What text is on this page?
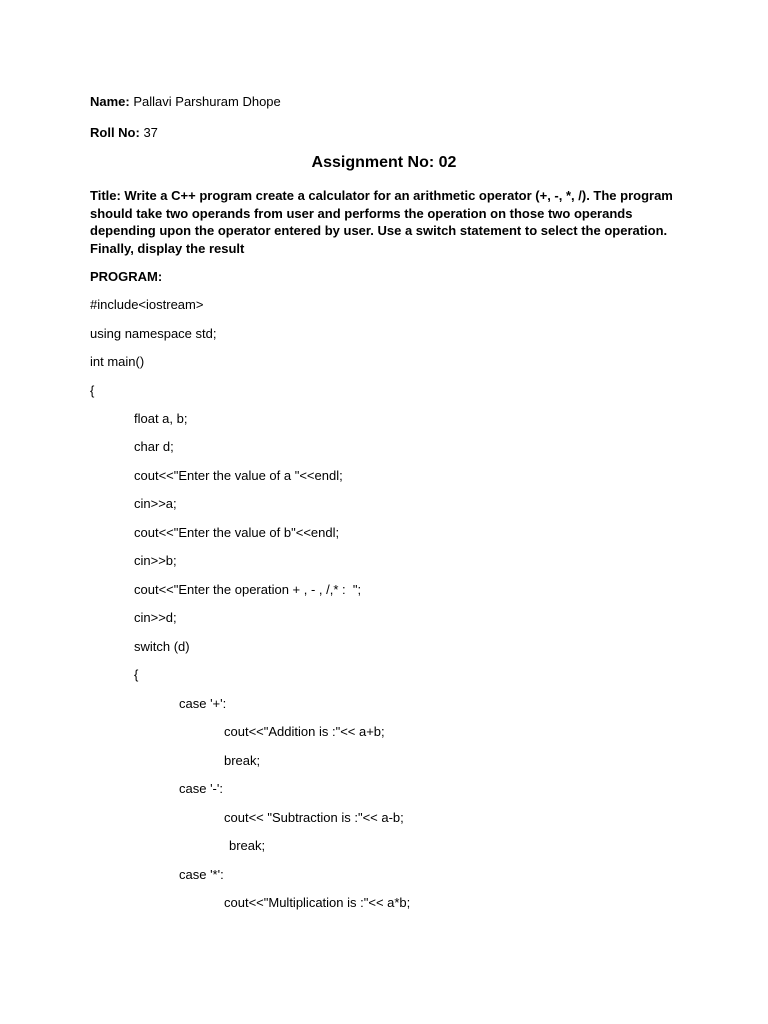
Name: Pallavi Parshuram Dhope
Roll No: 37
Assignment No: 02
Title: Write a C++ program create a calculator for an arithmetic operator (+, -, *, /). The program should take two operands from user and performs the operation on those two operands depending upon the operator entered by user. Use a switch statement to select the operation. Finally, display the result
PROGRAM:
#include<iostream>
using namespace std;
int main()
{
float a, b;
char d;
cout<<"Enter the value of a "<<endl;
cin>>a;
cout<<"Enter the value of b"<<endl;
cin>>b;
cout<<"Enter the operation + , - , /,* :  ";
cin>>d;
switch (d)
{
case '+':
cout<<"Addition is :"<< a+b;
break;
case '-':
cout<< "Subtraction is :"<< a-b;
break;
case '*':
cout<<"Multiplication is :"<< a*b;
